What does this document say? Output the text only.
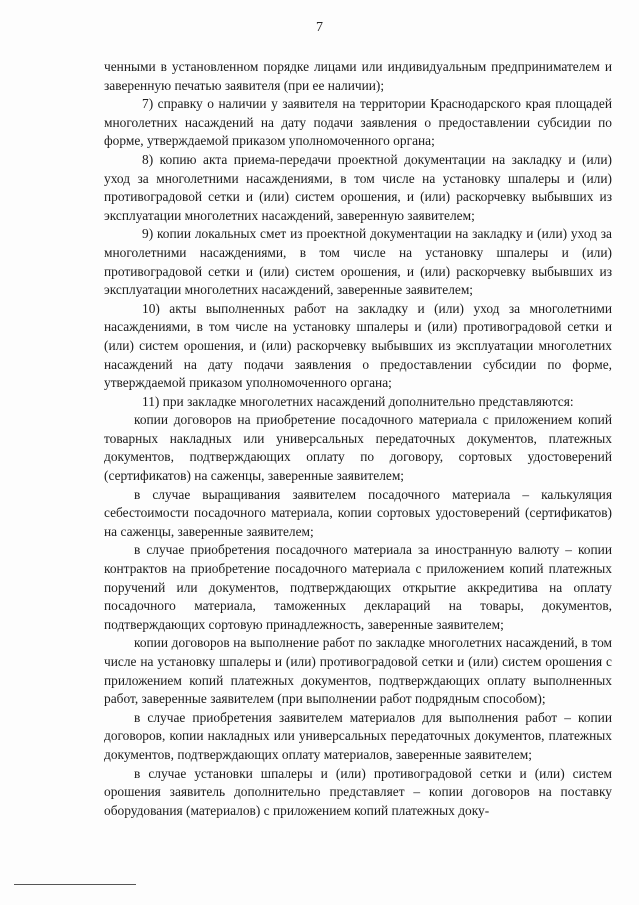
7

ченными в установленном порядке лицами или индивидуальным предпринимателем и заверенную печатью заявителя (при ее наличии);

7) справку о наличии у заявителя на территории Краснодарского края площадей многолетних насаждений на дату подачи заявления о предоставлении субсидии по форме, утверждаемой приказом уполномоченного органа;

8) копию акта приема-передачи проектной документации на закладку и (или) уход за многолетними насаждениями, в том числе на установку шпалеры и (или) противоградовой сетки и (или) систем орошения, и (или) раскорчевку выбывших из эксплуатации многолетних насаждений, заверенную заявителем;

9) копии локальных смет из проектной документации на закладку и (или) уход за многолетними насаждениями, в том числе на установку шпалеры и (или) противоградовой сетки и (или) систем орошения, и (или) раскорчевку выбывших из эксплуатации многолетних насаждений, заверенные заявителем;

10) акты выполненных работ на закладку и (или) уход за многолетними насаждениями, в том числе на установку шпалеры и (или) противоградовой сетки и (или) систем орошения, и (или) раскорчевку выбывших из эксплуатации многолетних насаждений на дату подачи заявления о предоставлении субсидии по форме, утверждаемой приказом уполномоченного органа;

11) при закладке многолетних насаждений дополнительно представляются:

копии договоров на приобретение посадочного материала с приложением копий товарных накладных или универсальных передаточных документов, платежных документов, подтверждающих оплату по договору, сортовых удостоверений (сертификатов) на саженцы, заверенные заявителем;

в случае выращивания заявителем посадочного материала – калькуляция себестоимости посадочного материала, копии сортовых удостоверений (сертификатов) на саженцы, заверенные заявителем;

в случае приобретения посадочного материала за иностранную валюту – копии контрактов на приобретение посадочного материала с приложением копий платежных поручений или документов, подтверждающих открытие аккредитива на оплату посадочного материала, таможенных деклараций на товары, документов, подтверждающих сортовую принадлежность, заверенные заявителем;

копии договоров на выполнение работ по закладке многолетних насаждений, в том числе на установку шпалеры и (или) противоградовой сетки и (или) систем орошения с приложением копий платежных документов, подтверждающих оплату выполненных работ, заверенные заявителем (при выполнении работ подрядным способом);

в случае приобретения заявителем материалов для выполнения работ – копии договоров, копии накладных или универсальных передаточных документов, платежных документов, подтверждающих оплату материалов, заверенные заявителем;

в случае установки шпалеры и (или) противоградовой сетки и (или) систем орошения заявитель дополнительно представляет – копии договоров на поставку оборудования (материалов) с приложением копий платежных доку-
